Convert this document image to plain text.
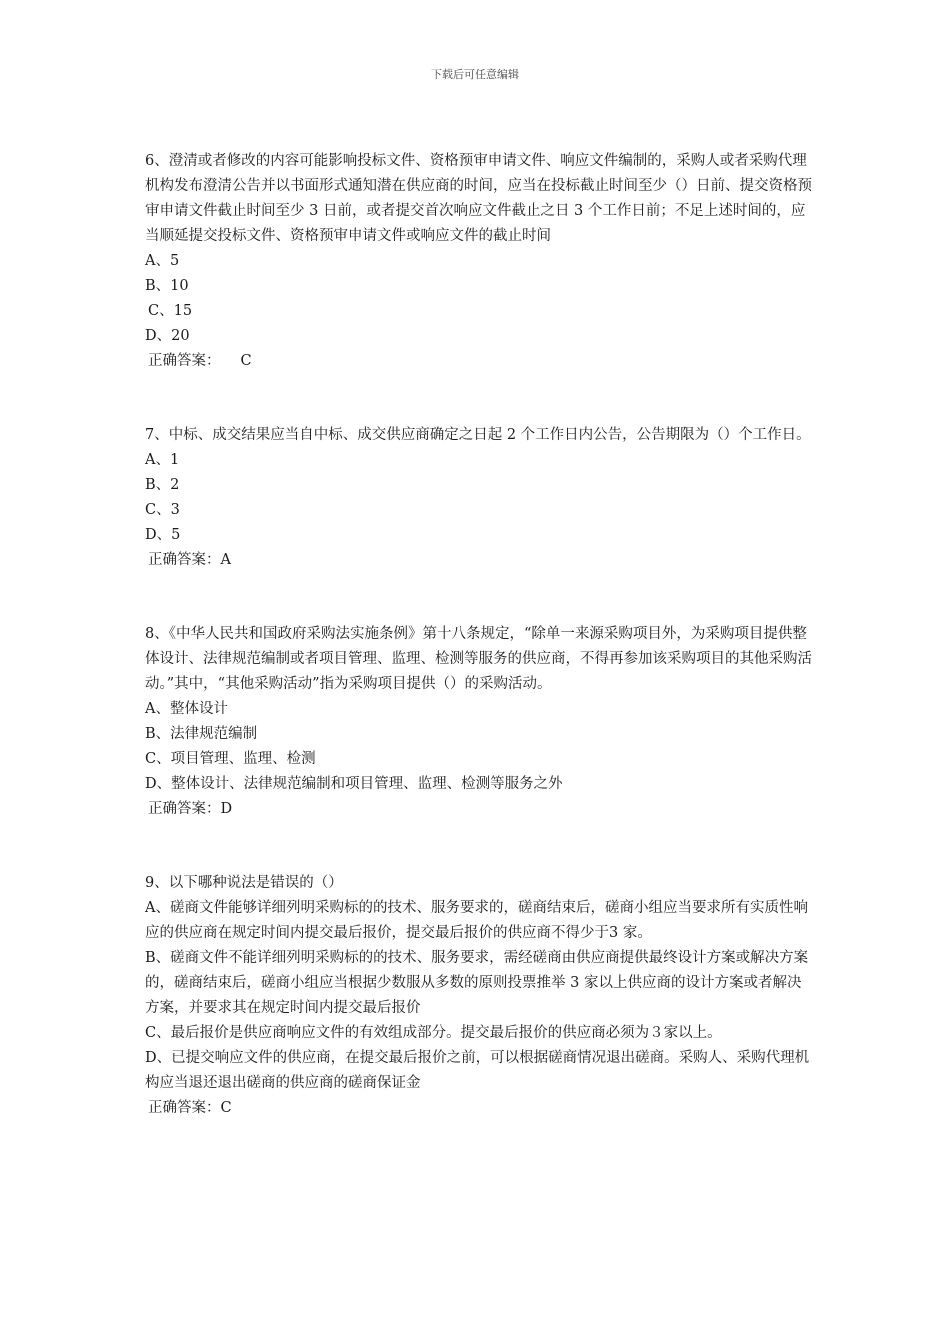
下载后可任意编辑

6、澄清或者修改的内容可能影响投标文件、资格预审申请文件、响应文件编制的，采购人或者采购代理机构发布澄清公告并以书面形式通知潜在供应商的时间，应当在投标截止时间至少（）日前、提交资格预审申请文件截止时间至少 3 日前，或者提交首次响应文件截止之日 3 个工作日前；不足上述时间的，应当顺延提交投标文件、资格预审申请文件或响应文件的截止时间

A、5

B、10

C、15

D、20

正确答案： C

7、中标、成交结果应当自中标、成交供应商确定之日起 2 个工作日内公告，公告期限为（）个工作日。

A、1

B、2

C、3

D、5

正确答案：A

8、《中华人民共和国政府采购法实施条例》第十八条规定，“除单一来源采购项目外，为采购项目提供整体设计、法律规范编制或者项目管理、监理、检测等服务的供应商，不得再参加该采购项目的其他采购活动。”其中，“其他采购活动”指为采购项目提供（）的采购活动。

A、整体设计

B、法律规范编制

C、项目管理、监理、检测

D、整体设计、法律规范编制和项目管理、监理、检测等服务之外

正确答案：D

9、以下哪种说法是错误的（）

A、磋商文件能够详细列明采购标的的技术、服务要求的，磋商结束后，磋商小组应当要求所有实质性响应的供应商在规定时间内提交最后报价，提交最后报价的供应商不得少于3 家。

B、磋商文件不能详细列明采购标的的技术、服务要求，需经磋商由供应商提供最终设计方案或解决方案的，磋商结束后，磋商小组应当根据少数服从多数的原则投票推举 3 家以上供应商的设计方案或者解决方案，并要求其在规定时间内提交最后报价

C、最后报价是供应商响应文件的有效组成部分。提交最后报价的供应商必须为３家以上。

D、已提交响应文件的供应商，在提交最后报价之前，可以根据磋商情况退出磋商。采购人、采购代理机构应当退还退出磋商的供应商的磋商保证金

正确答案：C
